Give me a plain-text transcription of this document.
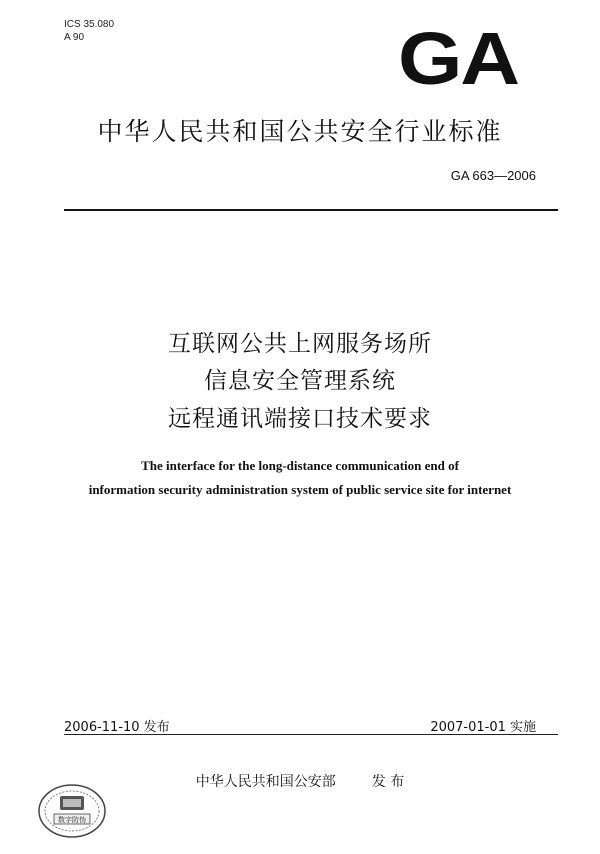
ICS 35.080
A 90	GA
中华人民共和国公共安全行业标准
GA 663—2006
互联网公共上网服务场所
信息安全管理系统
远程通讯端接口技术要求
The interface for the long-distance communication end of
information security administration system of public service site for internet
2006-11-10 发布	2007-01-01 实施
中华人民共和国公安部	发 布
数字防伪
